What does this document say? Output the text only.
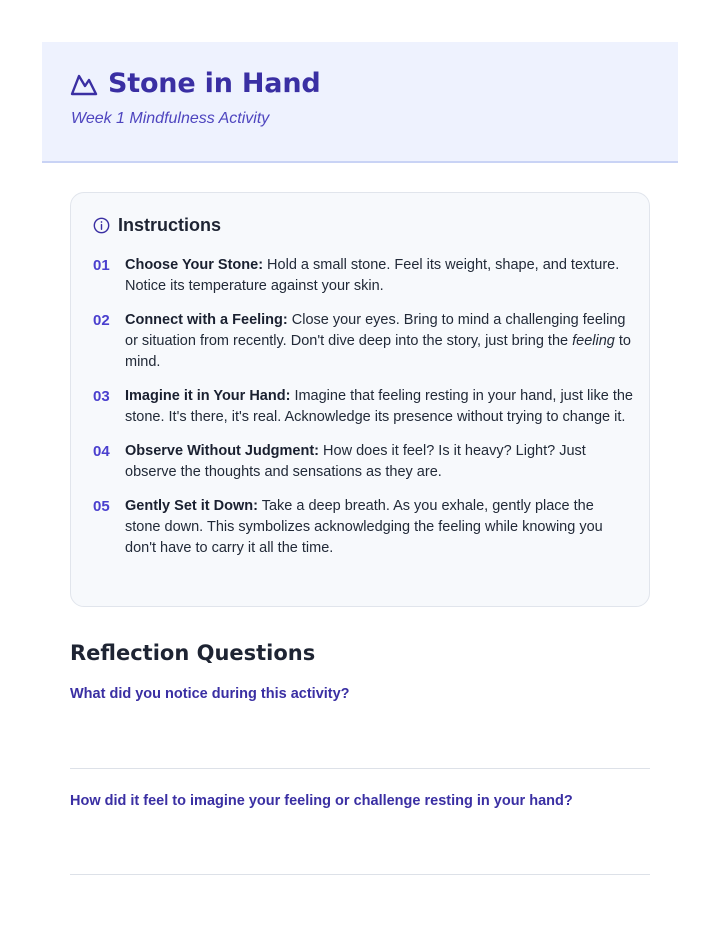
Stone in Hand
Week 1 Mindfulness Activity
Instructions
01	Choose Your Stone: Hold a small stone. Feel its weight, shape, and texture. Notice its temperature against your skin.
02	Connect with a Feeling: Close your eyes. Bring to mind a challenging feeling or situation from recently. Don't dive deep into the story, just bring the feeling to mind.
03	Imagine it in Your Hand: Imagine that feeling resting in your hand, just like the stone. It's there, it's real. Acknowledge its presence without trying to change it.
04	Observe Without Judgment: How does it feel? Is it heavy? Light? Just observe the thoughts and sensations as they are.
05	Gently Set it Down: Take a deep breath. As you exhale, gently place the stone down. This symbolizes acknowledging the feeling while knowing you don't have to carry it all the time.
Reflection Questions
What did you notice during this activity?
How did it feel to imagine your feeling or challenge resting in your hand?
